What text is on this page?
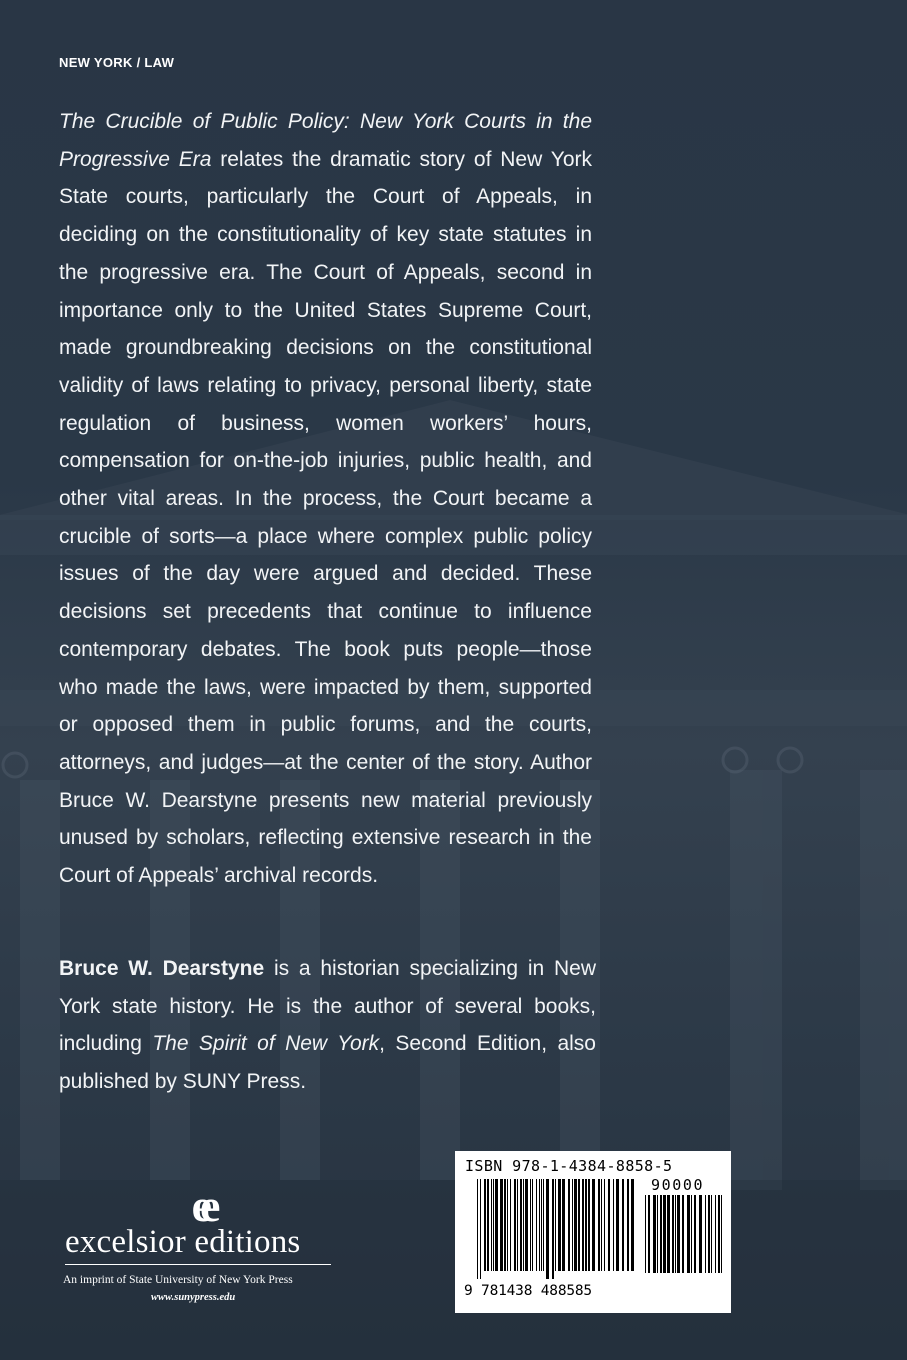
NEW YORK / LAW

The Crucible of Public Policy: New York Courts in the Progressive Era relates the dramatic story of New York State courts, particularly the Court of Appeals, in deciding on the constitutionality of key state statutes in the progressive era. The Court of Appeals, second in importance only to the United States Supreme Court, made groundbreaking decisions on the constitutional validity of laws relating to privacy, personal liberty, state regulation of business, women workers’ hours, compensation for on-the-job injuries, public health, and other vital areas. In the process, the Court became a crucible of sorts—a place where complex public policy issues of the day were argued and decided. These decisions set precedents that continue to influence contemporary debates. The book puts people—those who made the laws, were impacted by them, supported or opposed them in public forums, and the courts, attorneys, and judges—at the center of the story. Author Bruce W. Dearstyne presents new material previously unused by scholars, reflecting extensive research in the Court of Appeals’ archival records.

Bruce W. Dearstyne is a historian specializing in New York state history. He is the author of several books, including The Spirit of New York, Second Edition, also published by SUNY Press.

ee
excelsior editions
An imprint of State University of New York Press
www.sunypress.edu
ISBN 978-1-4384-8858-5
90000
9 781438 488585
